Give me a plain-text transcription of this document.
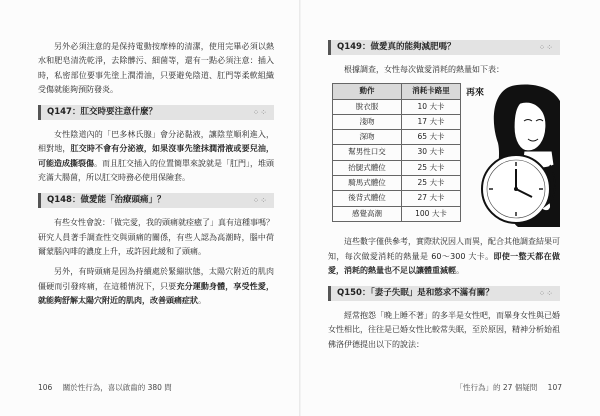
另外必須注意的是保持電動按摩棒的清潔，使用完畢必須以熱水和肥皂清洗乾淨，去除髒污、細菌等，還有一點必須注意：插入時，私密部位要事先塗上潤滑油，只要避免陰道、肛門等柔軟組織受傷就能夠預防發炎。

Q147：肛交時要注意什麼？	⁘⁘

女性陰道內的「巴多林氏腺」會分泌黏液，讓陰莖順利進入，相對地，肛交時不會有分泌液，如果沒事先塗抹潤滑液或要兒油，可能造成撕裂傷。而且肛交插入的位置簡單來說就是「肛門」，堆頭充滿大腸菌，所以肛交時務必使用保險套。

Q148：做愛能「治療頭痛」？	⁘⁘

有些女性會說：「做完愛，我的頭痛就痊癒了」真有這種事嗎？研究人員著手調查性交與頭痛的關係，有些人認為高潮時，腦中荷爾蒙腦內啡的濃度上升，或許因此緩和了頭痛。

另外，有時頭痛是因為持續處於緊繃狀態，太陽穴附近的肌肉僵硬而引發疼痛，在這種情況下，只要充分運動身體，享受性愛，就能夠舒解太陽穴附近的肌肉，改善頭痛症狀。

Q149：做愛真的能夠減肥嗎？	⁘⁘

根據調查，女性每次做愛消耗的熱量如下表：

動作	消耗卡路里
脫衣服	10 大卡
淺吻	17 大卡
深吻	65 大卡
幫男性口交	30 大卡
抬腿式體位	25 大卡
騎馬式體位	25 大卡
後背式體位	27 大卡
感覺高潮	100 大卡
再來

這些數字僅供參考，實際狀況因人而異，配合其他調查結果可知，每次做愛消耗的熱量是 60～300 大卡。即使一整天都在做愛，消耗的熱量也不足以讓體重減輕。

Q150：「妻子失眠」是和慾求不滿有關？	⁘⁘

經常抱怨「晚上睡不著」的多半是女性吧，而畢身女性與已婚女性相比，往往是已婚女性比較常失眠，至於原因，精神分析始祖佛洛伊德提出以下的說法：

106 關於性行為，喜以啟齒的 380 問	「性行為」的 27 個疑問 107
